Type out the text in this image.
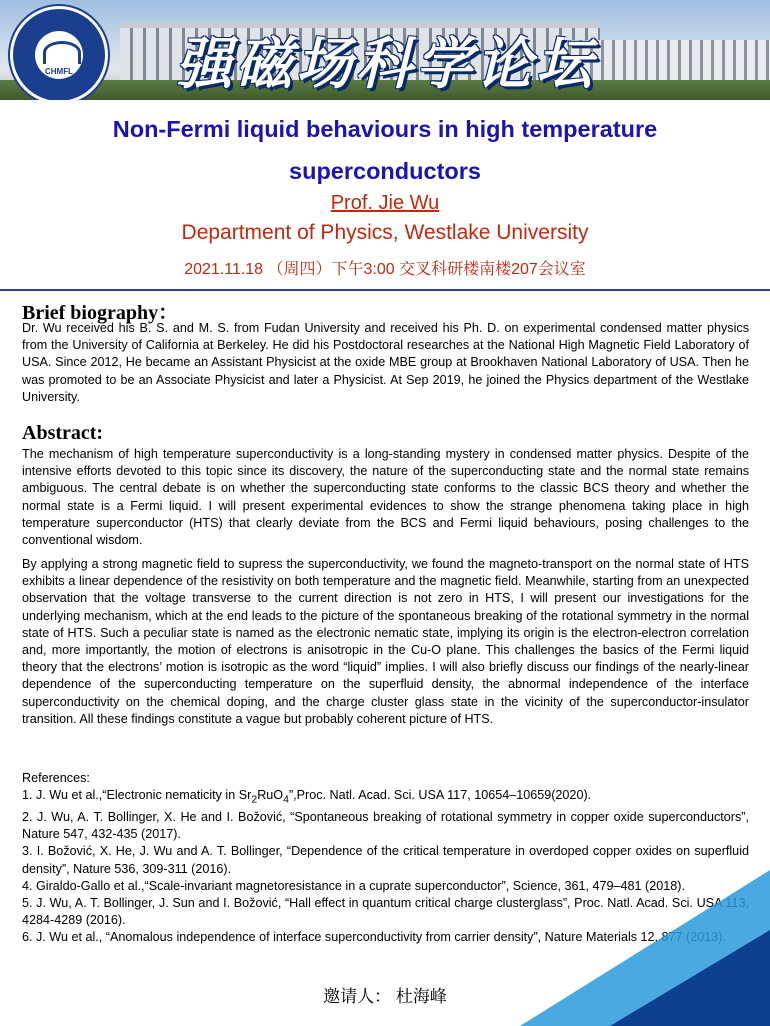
CHMFL 强磁场科学论坛
Non-Fermi liquid behaviours in high temperature superconductors
Prof. Jie Wu
Department of Physics, Westlake University
2021.11.18 （周四）下午3:00 交叉科研楼南楼207会议室
Brief biography：
Dr. Wu received his B. S. and M. S. from Fudan University and received his Ph. D. on experimental condensed matter physics from the University of California at Berkeley. He did his Postdoctoral researches at the National High Magnetic Field Laboratory of USA. Since 2012, He became an Assistant Physicist at the oxide MBE group at Brookhaven National Laboratory of USA. Then he was promoted to be an Associate Physicist and later a Physicist. At Sep 2019, he joined the Physics department of the Westlake University.
Abstract:
The mechanism of high temperature superconductivity is a long-standing mystery in condensed matter physics. Despite of the intensive efforts devoted to this topic since its discovery, the nature of the superconducting state and the normal state remains ambiguous. The central debate is on whether the superconducting state conforms to the classic BCS theory and whether the normal state is a Fermi liquid. I will present experimental evidences to show the strange phenomena taking place in high temperature superconductor (HTS) that clearly deviate from the BCS and Fermi liquid behaviours, posing challenges to the conventional wisdom.
By applying a strong magnetic field to supress the superconductivity, we found the magneto-transport on the normal state of HTS exhibits a linear dependence of the resistivity on both temperature and the magnetic field. Meanwhile, starting from an unexpected observation that the voltage transverse to the current direction is not zero in HTS, I will present our investigations for the underlying mechanism, which at the end leads to the picture of the spontaneous breaking of the rotational symmetry in the normal state of HTS. Such a peculiar state is named as the electronic nematic state, implying its origin is the electron-electron correlation and, more importantly, the motion of electrons is anisotropic in the Cu-O plane. This challenges the basics of the Fermi liquid theory that the electrons’ motion is isotropic as the word “liquid” implies. I will also briefly discuss our findings of the nearly-linear dependence of the superconducting temperature on the superfluid density, the abnormal independence of the interface superconductivity on the chemical doping, and the charge cluster glass state in the vicinity of the superconductor-insulator transition. All these findings constitute a vague but probably coherent picture of HTS.
References:
1. J. Wu et al.,“Electronic nematicity in $Sr_2RuO_4”,Proc$. Natl. Acad. Sci. USA 117, 10654–10659(2020).
2. J. Wu, A. T. Bollinger, X. He and I. Božović, “Spontaneous breaking of rotational symmetry in copper oxide superconductors”, Nature 547, 432-435 (2017).
3. I. Božović, X. He, J. Wu and A. T. Bollinger, “Dependence of the critical temperature in overdoped copper oxides on superfluid density”, Nature 536, 309-311 (2016).
4. Giraldo-Gallo et al.,“Scale-invariant magnetoresistance in a cuprate superconductor”, Science, 361, 479–481 (2018).
5. J. Wu, A. T. Bollinger, J. Sun and I. Božović, “Hall effect in quantum critical charge clusterglass”, Proc. Natl. Acad. Sci. USA 113, 4284-4289 (2016).
6. J. Wu et al., “Anomalous independence of interface superconductivity from carrier density”, Nature Materials 12, 877 (2013).
邀请人： 杜海峰
